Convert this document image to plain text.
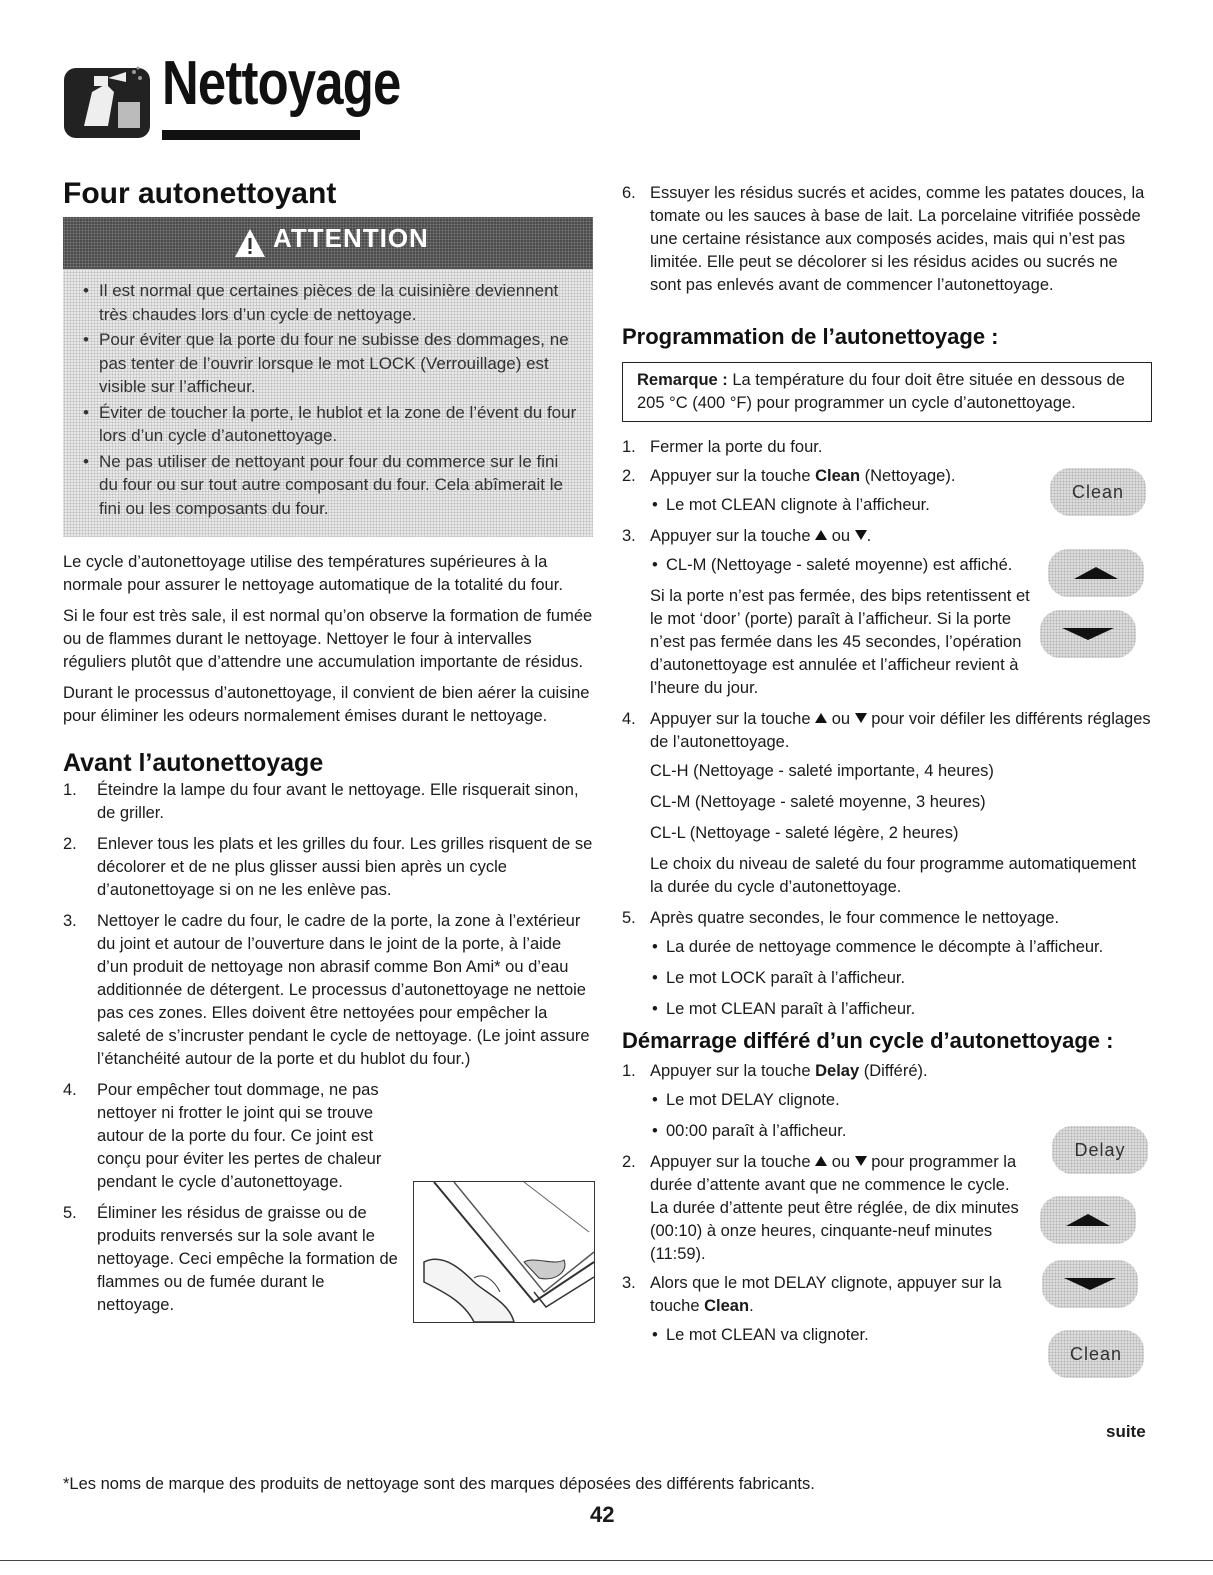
Nettoyage
Four autonettoyant
ATTENTION
• Il est normal que certaines pièces de la cuisinière deviennent très chaudes lors d’un cycle de nettoyage.
• Pour éviter que la porte du four ne subisse des dommages, ne pas tenter de l’ouvrir lorsque le mot LOCK (Verrouillage) est visible sur l’afficheur.
• Éviter de toucher la porte, le hublot et la zone de l’évent du four lors d’un cycle d’autonettoyage.
• Ne pas utiliser de nettoyant pour four du commerce sur le fini du four ou sur tout autre composant du four. Cela abîmerait le fini ou les composants du four.

Le cycle d’autonettoyage utilise des températures supérieures à la normale pour assurer le nettoyage automatique de la totalité du four.

Si le four est très sale, il est normal qu’on observe la formation de fumée ou de flammes durant le nettoyage. Nettoyer le four à intervalles réguliers plutôt que d’attendre une accumulation importante de résidus.

Durant le processus d’autonettoyage, il convient de bien aérer la cuisine pour éliminer les odeurs normalement émises durant le nettoyage.

Avant l’autonettoyage
1. Éteindre la lampe du four avant le nettoyage. Elle risquerait sinon, de griller.
2. Enlever tous les plats et les grilles du four. Les grilles risquent de se décolorer et de ne plus glisser aussi bien après un cycle d’autonettoyage si on ne les enlève pas.
3. Nettoyer le cadre du four, le cadre de la porte, la zone à l’extérieur du joint et autour de l’ouverture dans le joint de la porte, à l’aide d’un produit de nettoyage non abrasif comme Bon Ami* ou d’eau additionnée de détergent. Le processus d’autonettoyage ne nettoie pas ces zones. Elles doivent être nettoyées pour empêcher la saleté de s’incruster pendant le cycle de nettoyage. (Le joint assure l’étanchéité autour de la porte et du hublot du four.)
4. Pour empêcher tout dommage, ne pas nettoyer ni frotter le joint qui se trouve autour de la porte du four. Ce joint est conçu pour éviter les pertes de chaleur pendant le cycle d’autonettoyage.
5. Éliminer les résidus de graisse ou de produits renversés sur la sole avant le nettoyage. Ceci empêche la formation de flammes ou de fumée durant le nettoyage.
6. Essuyer les résidus sucrés et acides, comme les patates douces, la tomate ou les sauces à base de lait. La porcelaine vitrifiée possède une certaine résistance aux composés acides, mais qui n’est pas limitée. Elle peut se décolorer si les résidus acides ou sucrés ne sont pas enlevés avant de commencer l’autonettoyage.
Programmation de l’autonettoyage :
Remarque : La température du four doit être située en dessous de 205 °C (400 °F) pour programmer un cycle d’autonettoyage.
1. Fermer la porte du four.
2. Appuyer sur la touche Clean (Nettoyage).
• Le mot CLEAN clignote à l’afficheur.
3. Appuyer sur la touche  ou .
• CL-M (Nettoyage - saleté moyenne) est affiché.
Si la porte n’est pas fermée, des bips retentissent et le mot ‘door’ (porte) paraît à l’afficheur. Si la porte n’est pas fermée dans les 45 secondes, l’opération d’autonettoyage est annulée et l’afficheur revient à l’heure du jour.
4. Appuyer sur la touche  ou  pour voir défiler les différents réglages de l’autonettoyage.
CL-H (Nettoyage - saleté importante, 4 heures)
CL-M (Nettoyage - saleté moyenne, 3 heures)
CL-L (Nettoyage - saleté légère, 2 heures)
Le choix du niveau de saleté du four programme automatiquement la durée du cycle d’autonettoyage.
5. Après quatre secondes, le four commence le nettoyage.
• La durée de nettoyage commence le décompte à l’afficheur.
• Le mot LOCK paraît à l’afficheur.
• Le mot CLEAN paraît à l’afficheur.
Démarrage différé d’un cycle d’autonettoyage :
1. Appuyer sur la touche Delay (Différé).
• Le mot DELAY clignote.
• 00:00 paraît à l’afficheur.
2. Appuyer sur la touche  ou  pour programmer la durée d’attente avant que ne commence le cycle. La durée d’attente peut être réglée, de dix minutes (00:10) à onze heures, cinquante-neuf minutes (11:59).
3. Alors que le mot DELAY clignote, appuyer sur la touche Clean.
• Le mot CLEAN va clignoter.
Clean
Delay
Clean
suite
*Les noms de marque des produits de nettoyage sont des marques déposées des différents fabricants.
42
